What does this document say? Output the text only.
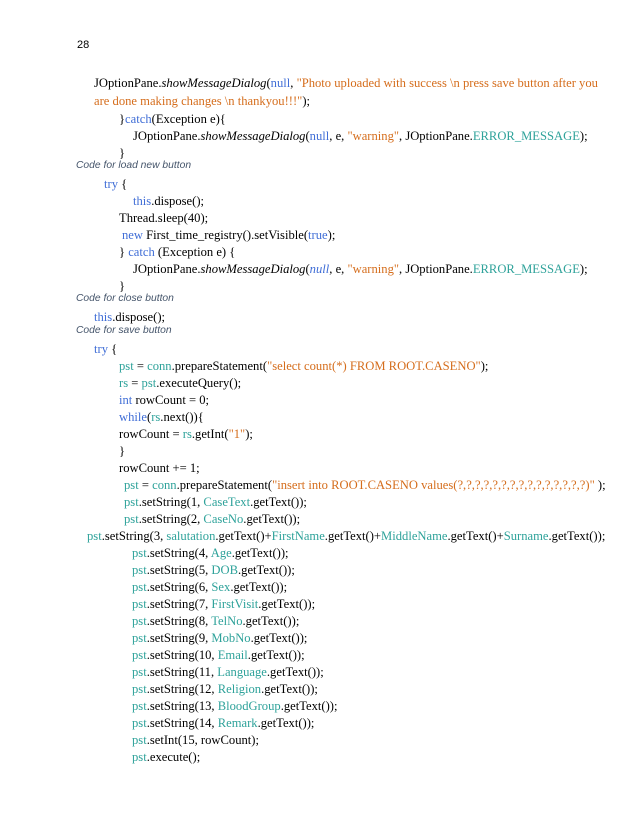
28
JOptionPane.showMessageDialog(null, "Photo uploaded with success \n press save button after you
are done making changes \n thankyou!!!");
}catch(Exception e){
JOptionPane.showMessageDialog(null, e, "warning", JOptionPane.ERROR_MESSAGE);
}
Code for load new button
try {
this.dispose();
Thread.sleep(40);
new First_time_registry().setVisible(true);
} catch (Exception e) {
JOptionPane.showMessageDialog(null, e, "warning", JOptionPane.ERROR_MESSAGE);
}
Code for close button
this.dispose();
Code for save button
try {
pst = conn.prepareStatement("select count(*) FROM ROOT.CASENO");
rs = pst.executeQuery();
int rowCount = 0;
while(rs.next()){
rowCount = rs.getInt("1");
}
rowCount += 1;
pst = conn.prepareStatement("insert into ROOT.CASENO values(?,?,?,?,?,?,?,?,?,?,?,?,?,?,?)" );
pst.setString(1, CaseText.getText());
pst.setString(2, CaseNo.getText());
pst.setString(3, salutation.getText()+FirstName.getText()+MiddleName.getText()+Surname.getText());
pst.setString(4, Age.getText());
pst.setString(5, DOB.getText());
pst.setString(6, Sex.getText());
pst.setString(7, FirstVisit.getText());
pst.setString(8, TelNo.getText());
pst.setString(9, MobNo.getText());
pst.setString(10, Email.getText());
pst.setString(11, Language.getText());
pst.setString(12, Religion.getText());
pst.setString(13, BloodGroup.getText());
pst.setString(14, Remark.getText());
pst.setInt(15, rowCount);
pst.execute();
